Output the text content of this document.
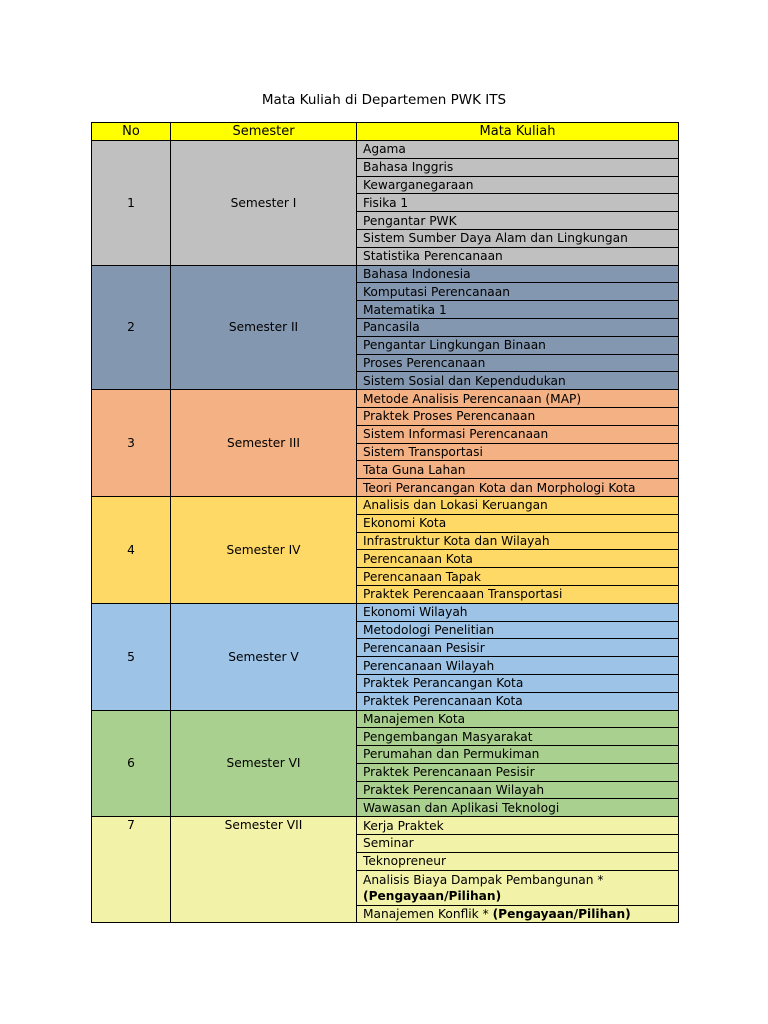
Mata Kuliah di Departemen PWK ITS
No	Semester	Mata Kuliah
1	Semester I	Agama
		Bahasa Inggris
		Kewarganegaraan
		Fisika 1
		Pengantar PWK
		Sistem Sumber Daya Alam dan Lingkungan
		Statistika Perencanaan
2	Semester II	Bahasa Indonesia
		Komputasi Perencanaan
		Matematika 1
		Pancasila
		Pengantar Lingkungan Binaan
		Proses Perencanaan
		Sistem Sosial dan Kependudukan
3	Semester III	Metode Analisis Perencanaan (MAP)
		Praktek Proses Perencanaan
		Sistem Informasi Perencanaan
		Sistem Transportasi
		Tata Guna Lahan
		Teori Perancangan Kota dan Morphologi Kota
4	Semester IV	Analisis dan Lokasi Keruangan
		Ekonomi Kota
		Infrastruktur Kota dan Wilayah
		Perencanaan Kota
		Perencanaan Tapak
		Praktek Perencaaan Transportasi
5	Semester V	Ekonomi Wilayah
		Metodologi Penelitian
		Perencanaan Pesisir
		Perencanaan Wilayah
		Praktek Perancangan Kota
		Praktek Perencanaan Kota
6	Semester VI	Manajemen Kota
		Pengembangan Masyarakat
		Perumahan dan Permukiman
		Praktek Perencanaan Pesisir
		Praktek Perencanaan Wilayah
		Wawasan dan Aplikasi Teknologi
7	Semester VII	Kerja Praktek
		Seminar
		Teknopreneur
		Analisis Biaya Dampak Pembangunan *
(Pengayaan/Pilihan)
		Manajemen Konflik * (Pengayaan/Pilihan)
